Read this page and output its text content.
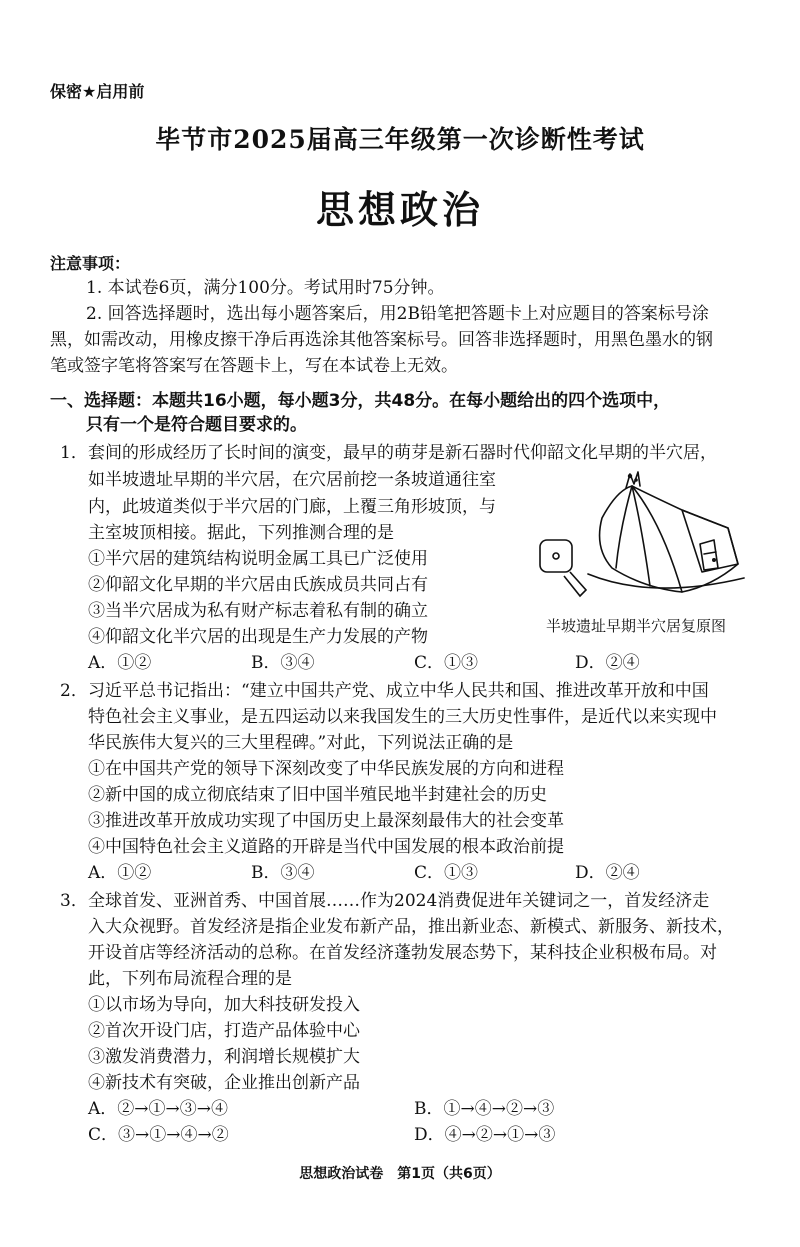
保密★启用前
毕节市2025届高三年级第一次诊断性考试
思想政治
注意事项：
1. 本试卷6页，满分100分。考试用时75分钟。
2. 回答选择题时，选出每小题答案后，用2B铅笔把答题卡上对应题目的答案标号涂
黑，如需改动，用橡皮擦干净后再选涂其他答案标号。回答非选择题时，用黑色墨水的钢
笔或签字笔将答案写在答题卡上，写在本试卷上无效。
一、选择题：本题共16小题，每小题3分，共48分。在每小题给出的四个选项中，
只有一个是符合题目要求的。
1． 套间的形成经历了长时间的演变，最早的萌芽是新石器时代仰韶文化早期的半穴居，
如半坡遗址早期的半穴居，在穴居前挖一条坡道通往室
内，此坡道类似于半穴居的门廊，上覆三角形坡顶，与
主室坡顶相接。据此，下列推测合理的是
①半穴居的建筑结构说明金属工具已广泛使用
②仰韶文化早期的半穴居由氏族成员共同占有
③当半穴居成为私有财产标志着私有制的确立
④仰韶文化半穴居的出现是生产力发展的产物
半坡遗址早期半穴居复原图
A．①②	B．③④	C．①③	D．②④
2． 习近平总书记指出：“建立中国共产党、成立中华人民共和国、推进改革开放和中国
特色社会主义事业，是五四运动以来我国发生的三大历史性事件，是近代以来实现中
华民族伟大复兴的三大里程碑。”对此，下列说法正确的是
①在中国共产党的领导下深刻改变了中华民族发展的方向和进程
②新中国的成立彻底结束了旧中国半殖民地半封建社会的历史
③推进改革开放成功实现了中国历史上最深刻最伟大的社会变革
④中国特色社会主义道路的开辟是当代中国发展的根本政治前提
A．①②	B．③④	C．①③	D．②④
3． 全球首发、亚洲首秀、中国首展……作为2024消费促进年关键词之一，首发经济走
入大众视野。首发经济是指企业发布新产品，推出新业态、新模式、新服务、新技术，
开设首店等经济活动的总称。在首发经济蓬勃发展态势下，某科技企业积极布局。对
此，下列布局流程合理的是
①以市场为导向，加大科技研发投入
②首次开设门店，打造产品体验中心
③激发消费潜力，利润增长规模扩大
④新技术有突破，企业推出创新产品
A．②→①→③→④	B．①→④→②→③
C．③→①→④→②	D．④→②→①→③
思想政治试卷　第1页（共6页）
